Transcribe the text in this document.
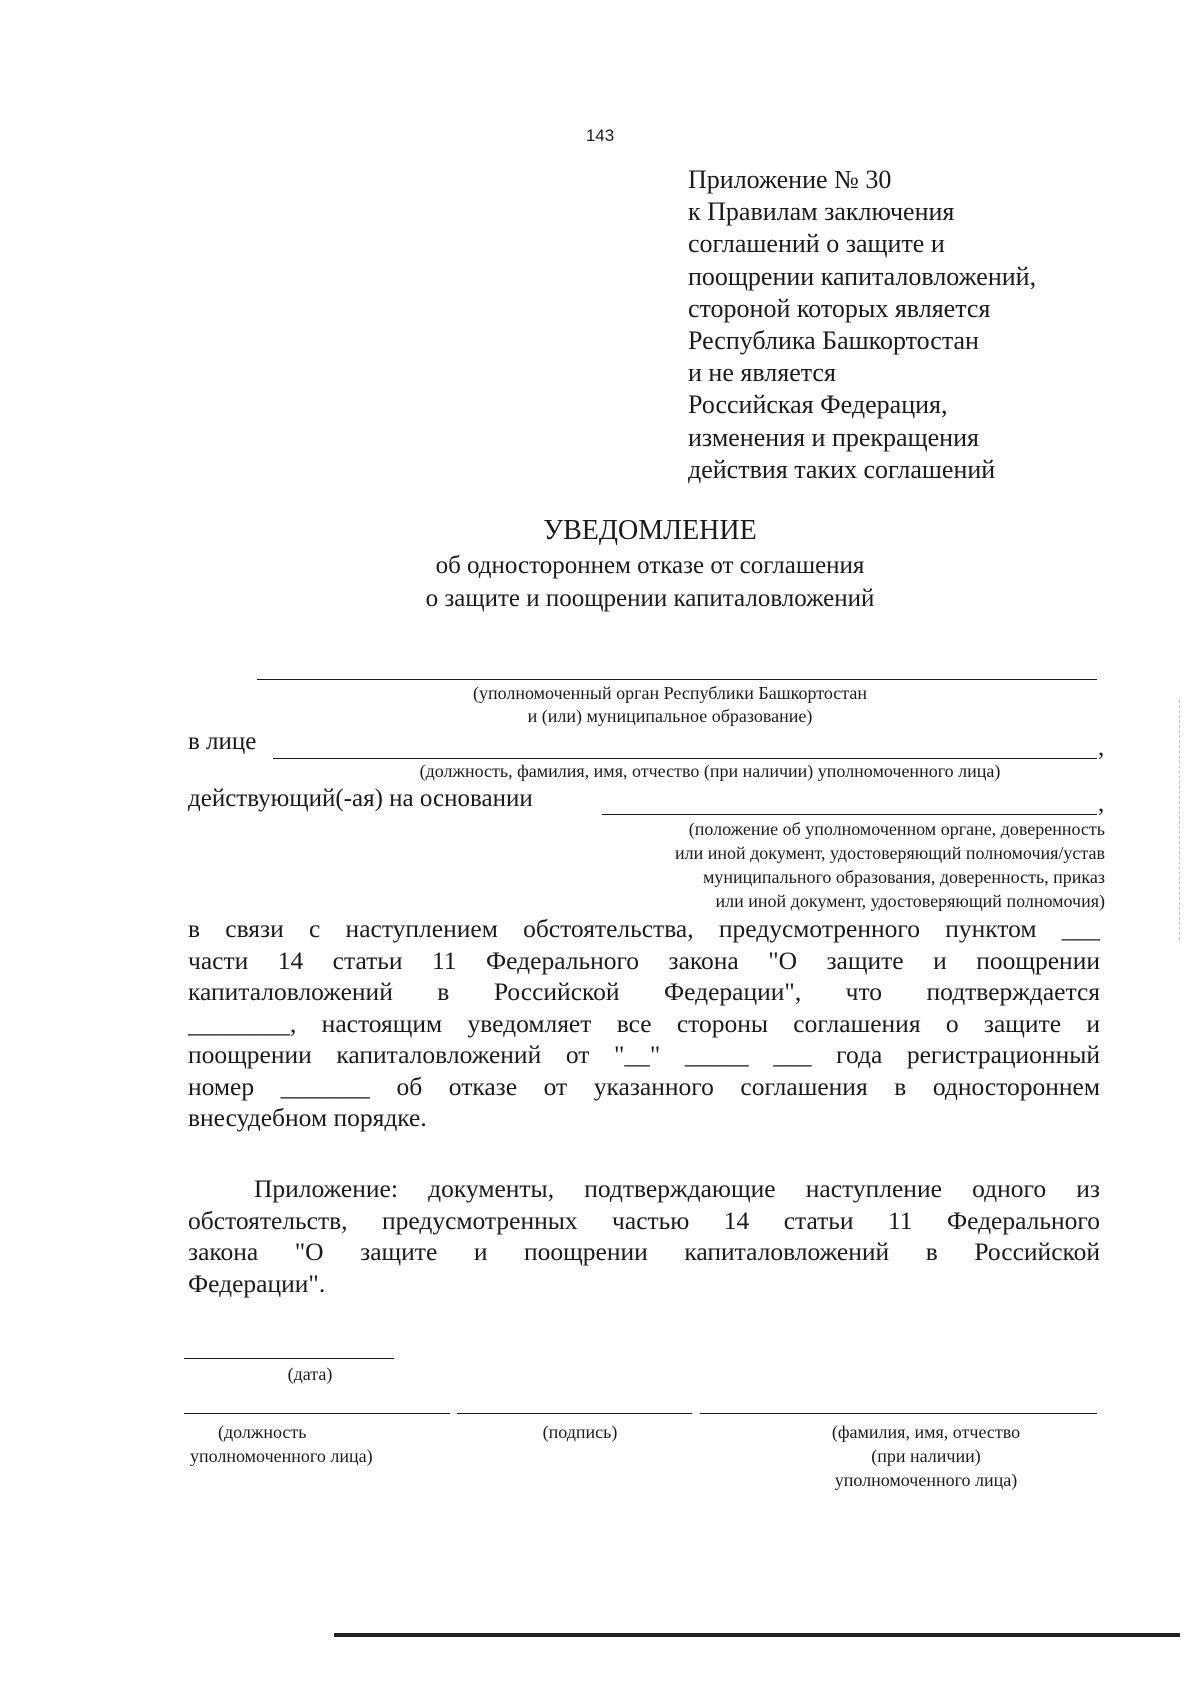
143
Приложение № 30
к Правилам заключения
соглашений о защите и
поощрении капиталовложений,
стороной которых является
Республика Башкортостан
и не является
Российская Федерация,
изменения и прекращения
действия таких соглашений
УВЕДОМЛЕНИЕ
об одностороннем отказе от соглашения
о защите и поощрении капиталовложений
(уполномоченный орган Республики Башкортостан
и (или) муниципальное образование)
в лице	,
(должность, фамилия, имя, отчество (при наличии) уполномоченного лица)
действующий(-ая) на основании	,
(положение об уполномоченном органе, доверенность
или иной документ, удостоверяющий полномочия/устав
муниципального образования, доверенность, приказ
или иной документ, удостоверяющий полномочия)
в связи с наступлением обстоятельства, предусмотренного пунктом ___
части 14 статьи 11 Федерального закона "О защите и поощрении
капиталовложений в Российской Федерации", что подтверждается
________, настоящим уведомляет все стороны соглашения о защите и
поощрении капиталовложений от "__" _____ ___ года регистрационный
номер _______ об отказе от указанного соглашения в одностороннем
внесудебном порядке.
Приложение: документы, подтверждающие наступление одного из
обстоятельств, предусмотренных частью 14 статьи 11 Федерального
закона "О защите и поощрении капиталовложений в Российской
Федерации".
(дата)
(должность
уполномоченного лица)
(подпись)	(фамилия, имя, отчество
(при наличии)
уполномоченного лица)
